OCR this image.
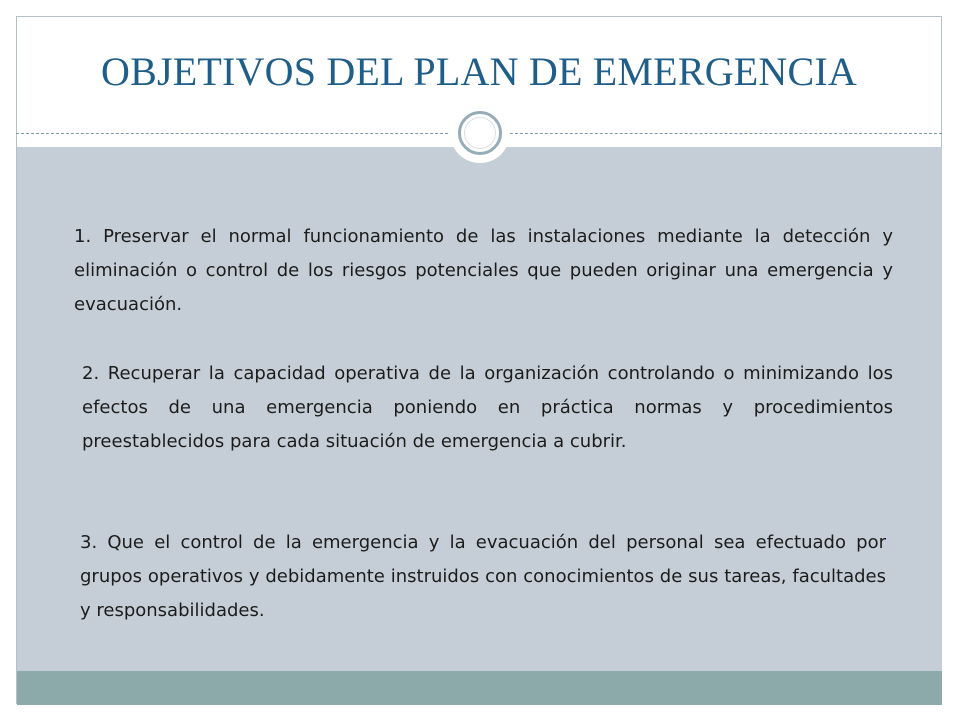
OBJETIVOS DEL PLAN DE EMERGENCIA

1. Preservar el normal funcionamiento de las instalaciones mediante la detección y eliminación o control de los riesgos potenciales que pueden originar una emergencia y evacuación.

2. Recuperar la capacidad operativa de la organización controlando o minimizando los efectos de una emergencia poniendo en práctica normas y procedimientos preestablecidos para cada situación de emergencia a cubrir.

3. Que el control de la emergencia y la evacuación del personal sea efectuado por grupos operativos y debidamente instruidos con conocimientos de sus tareas, facultades y responsabilidades.
